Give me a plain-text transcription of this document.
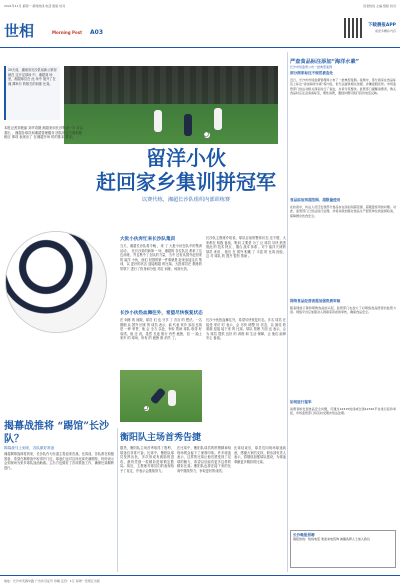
2021年11月 星期一 新闻热线 电话 组版 校对	读者热线 主编 组版 校对
世相	Morning Post A03
下载晨报APP
看更多精彩内容
20天前，湖南省长沙县前新公第部就在 这片足球场 中，湘超赛 场里，湘超球员在 此 场中 展开了在湘 潭举行 的相关的训练 比赛。
本报记者刘艳丽 刘华奇摄 湘超来训长沙集训一月 可以看出 ，湘超各球员和湘超管理服务 团队的各方面积极 相应 事项 表现出了 在湘超开场 时的基本 要求。
留洋小伙
赶回家乡集训拼冠军
以赛代练，湘超长沙队组织内部训练赛
大批小伙奔忙来长沙队集训
当天，湘超长沙队将今晚 ，来 了 大批小伙在队中的集训 活动 ， 在长沙县的新第一 场，湘超的 各位队员 都来了这边训练，并且集中了全队的力量，当中 还有从国外赶回来的 留洋 小伙，他们 回国的第一件事就是 赶来参加这次 集训，以 更好的状态 迎接湘超 的比赛。大批球员在 教练的 带领下 进行了热身和分组 对抗 训练，场面火热。
长沙队主教练介绍说，球队目前的整体状态 还不错，大家都在 积极 备战，集训 主要是 为了 让 球员 尽快 熟悉 彼此 的 技术 特点 ，磨合 战术 体系 。对于 留洋 归来的 球员 来说 ，他们 在 国外 积累 了 丰富 的 比赛 经验，这 对 球队 的 提升 很有 帮助 。
长沙小伙热血舞往外，希望尽快恢复状态
在 训练 的 间隙，球员 们 也 分享 了 各自 的 想法。一名 刚刚 从 国外 回来 的 球员 表示，能 代表 家乡 参加 比赛 是 一种 荣誉，他 会 全力 以赴，争取 帮助 球队 取得 好 成绩。他 还 说，虽然 长途 旅行 有些 疲惫，但 一 踏上 家乡 的 球场，所有 的 疲惫 都 消失 了。
长沙小伙热血舞往外，希望尽快恢复状态。多名 球员 在 接受 采访 时 表示，会 尽快 调整 好 状态，以 最佳 的 面貌 迎接 接下来 的 比赛。球队 管理 方面 也 表示，会 为 球员 提供 良好 的 训练 和 生活 保障，让 他们 能够 安心 备战。
揭幕战推将 “踢馆”长沙队？
揭幕战马上到来，各队做好准备
湘超揭幕战即将到来，长沙队作为东道主将迎来首战。比赛前，各队都在积极准备，希望在揭幕战中取得开门红。球迷们也对这场比赛充满期待，纷纷表示会到现场为家乡球队加油助威。主办方也做好了各项准备工作，确保比赛顺利进行。
衡阳队主场首秀告捷
据悉，衡阳队主场首秀取得了胜利，球迷们非常兴奋。比赛中，衡阳队球员发挥出色，多次形成有威胁的进攻，最终凭借一粒精彩进球锁定胜局。赛后，主教练对球员们的表现给予了肯定，并表示会继续努力。
在比赛中，衡阳队球员的拼搏精神给现场观众留下了深刻印象。许多球迷表示，这样的比赛让他们感受到了足球的魅力，希望以后能有更多这样的精彩比赛。衡阳队也将在接下来的比赛中继续努力，争取更好的成绩。
比赛结束后，球员们向现场球迷致意，感谢大家的支持。俱乐部负责人表示，将继续加强球队建设，为球迷奉献更多精彩的比赛。
严查食品标注添加“海洋水素”
长沙市场监管公布一批典型案例
部分商家标注不规范被查处
近日，长沙市市场监督管理局公布了一批典型案例。案例中，部分商家在食品标签上标注“添加海洋水素”等内容，但无法提供相关依据，涉嫌虚假宣传。市场监管部门依法对相关商家进行了查处，并责令其整改。监管部门提醒消费者，购买食品时应注意查看标签，理性消费，遇到问题可拨打投诉电话反映。
食品添加剂超范围、超限量使用
在检查中，执法人员还发现部分食品存在添加剂超范围、超限量使用的问题。对此，监管部门已依法进行处理，并将持续加强对食品生产经营单位的监督检查，保障群众饮食安全。
网络食品经营者需加强资质审核
随着网络订餐和网购食品的兴起，监管部门也加大了对网络食品经营的监管力度。网络平台应加强对入网商家资质的审核，确保食品安全。
如何进行鉴举
消费者如发现食品安全问题，可通过12315热线或全国12315平台进行投诉举报，市场监管部门将及时受理并依法处理。
长沙晚报招聘
晨报热线：热线电话 欢迎来电咨询 诚邀各界人士加入我们
地址：长沙市芙蓉中路 广告许可证号 印刷 定价：1元 每周一至周五出版
